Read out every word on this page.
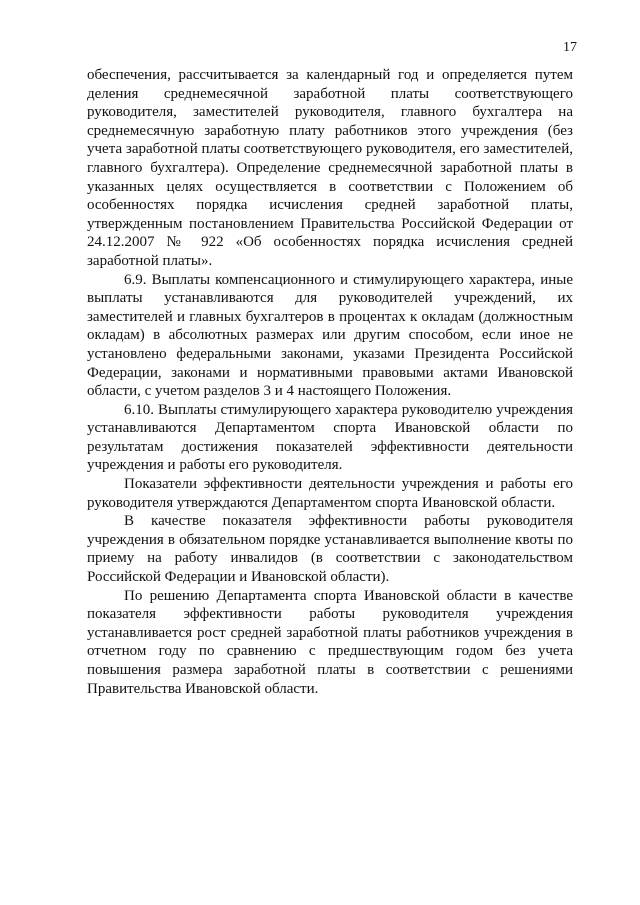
17

обеспечения, рассчитывается за календарный год и определяется путем деления среднемесячной заработной платы соответствующего руководителя, заместителей руководителя, главного бухгалтера на среднемесячную заработную плату работников этого учреждения (без учета заработной платы соответствующего руководителя, его заместителей, главного бухгалтера). Определение среднемесячной заработной платы в указанных целях осуществляется в соответствии с Положением об особенностях порядка исчисления средней заработной платы, утвержденным постановлением Правительства Российской Федерации от 24.12.2007 № 922 «Об особенностях порядка исчисления средней заработной платы».

6.9. Выплаты компенсационного и стимулирующего характера, иные выплаты устанавливаются для руководителей учреждений, их заместителей и главных бухгалтеров в процентах к окладам (должностным окладам) в абсолютных размерах или другим способом, если иное не установлено федеральными законами, указами Президента Российской Федерации, законами и нормативными правовыми актами Ивановской области, с учетом разделов 3 и 4 настоящего Положения.

6.10. Выплаты стимулирующего характера руководителю учреждения устанавливаются Департаментом спорта Ивановской области по результатам достижения показателей эффективности деятельности учреждения и работы его руководителя.

Показатели эффективности деятельности учреждения и работы его руководителя утверждаются Департаментом спорта Ивановской области.

В качестве показателя эффективности работы руководителя учреждения в обязательном порядке устанавливается выполнение квоты по приему на работу инвалидов (в соответствии с законодательством Российской Федерации и Ивановской области).

По решению Департамента спорта Ивановской области в качестве показателя эффективности работы руководителя учреждения устанавливается рост средней заработной платы работников учреждения в отчетном году по сравнению с предшествующим годом без учета повышения размера заработной платы в соответствии с решениями Правительства Ивановской области.
